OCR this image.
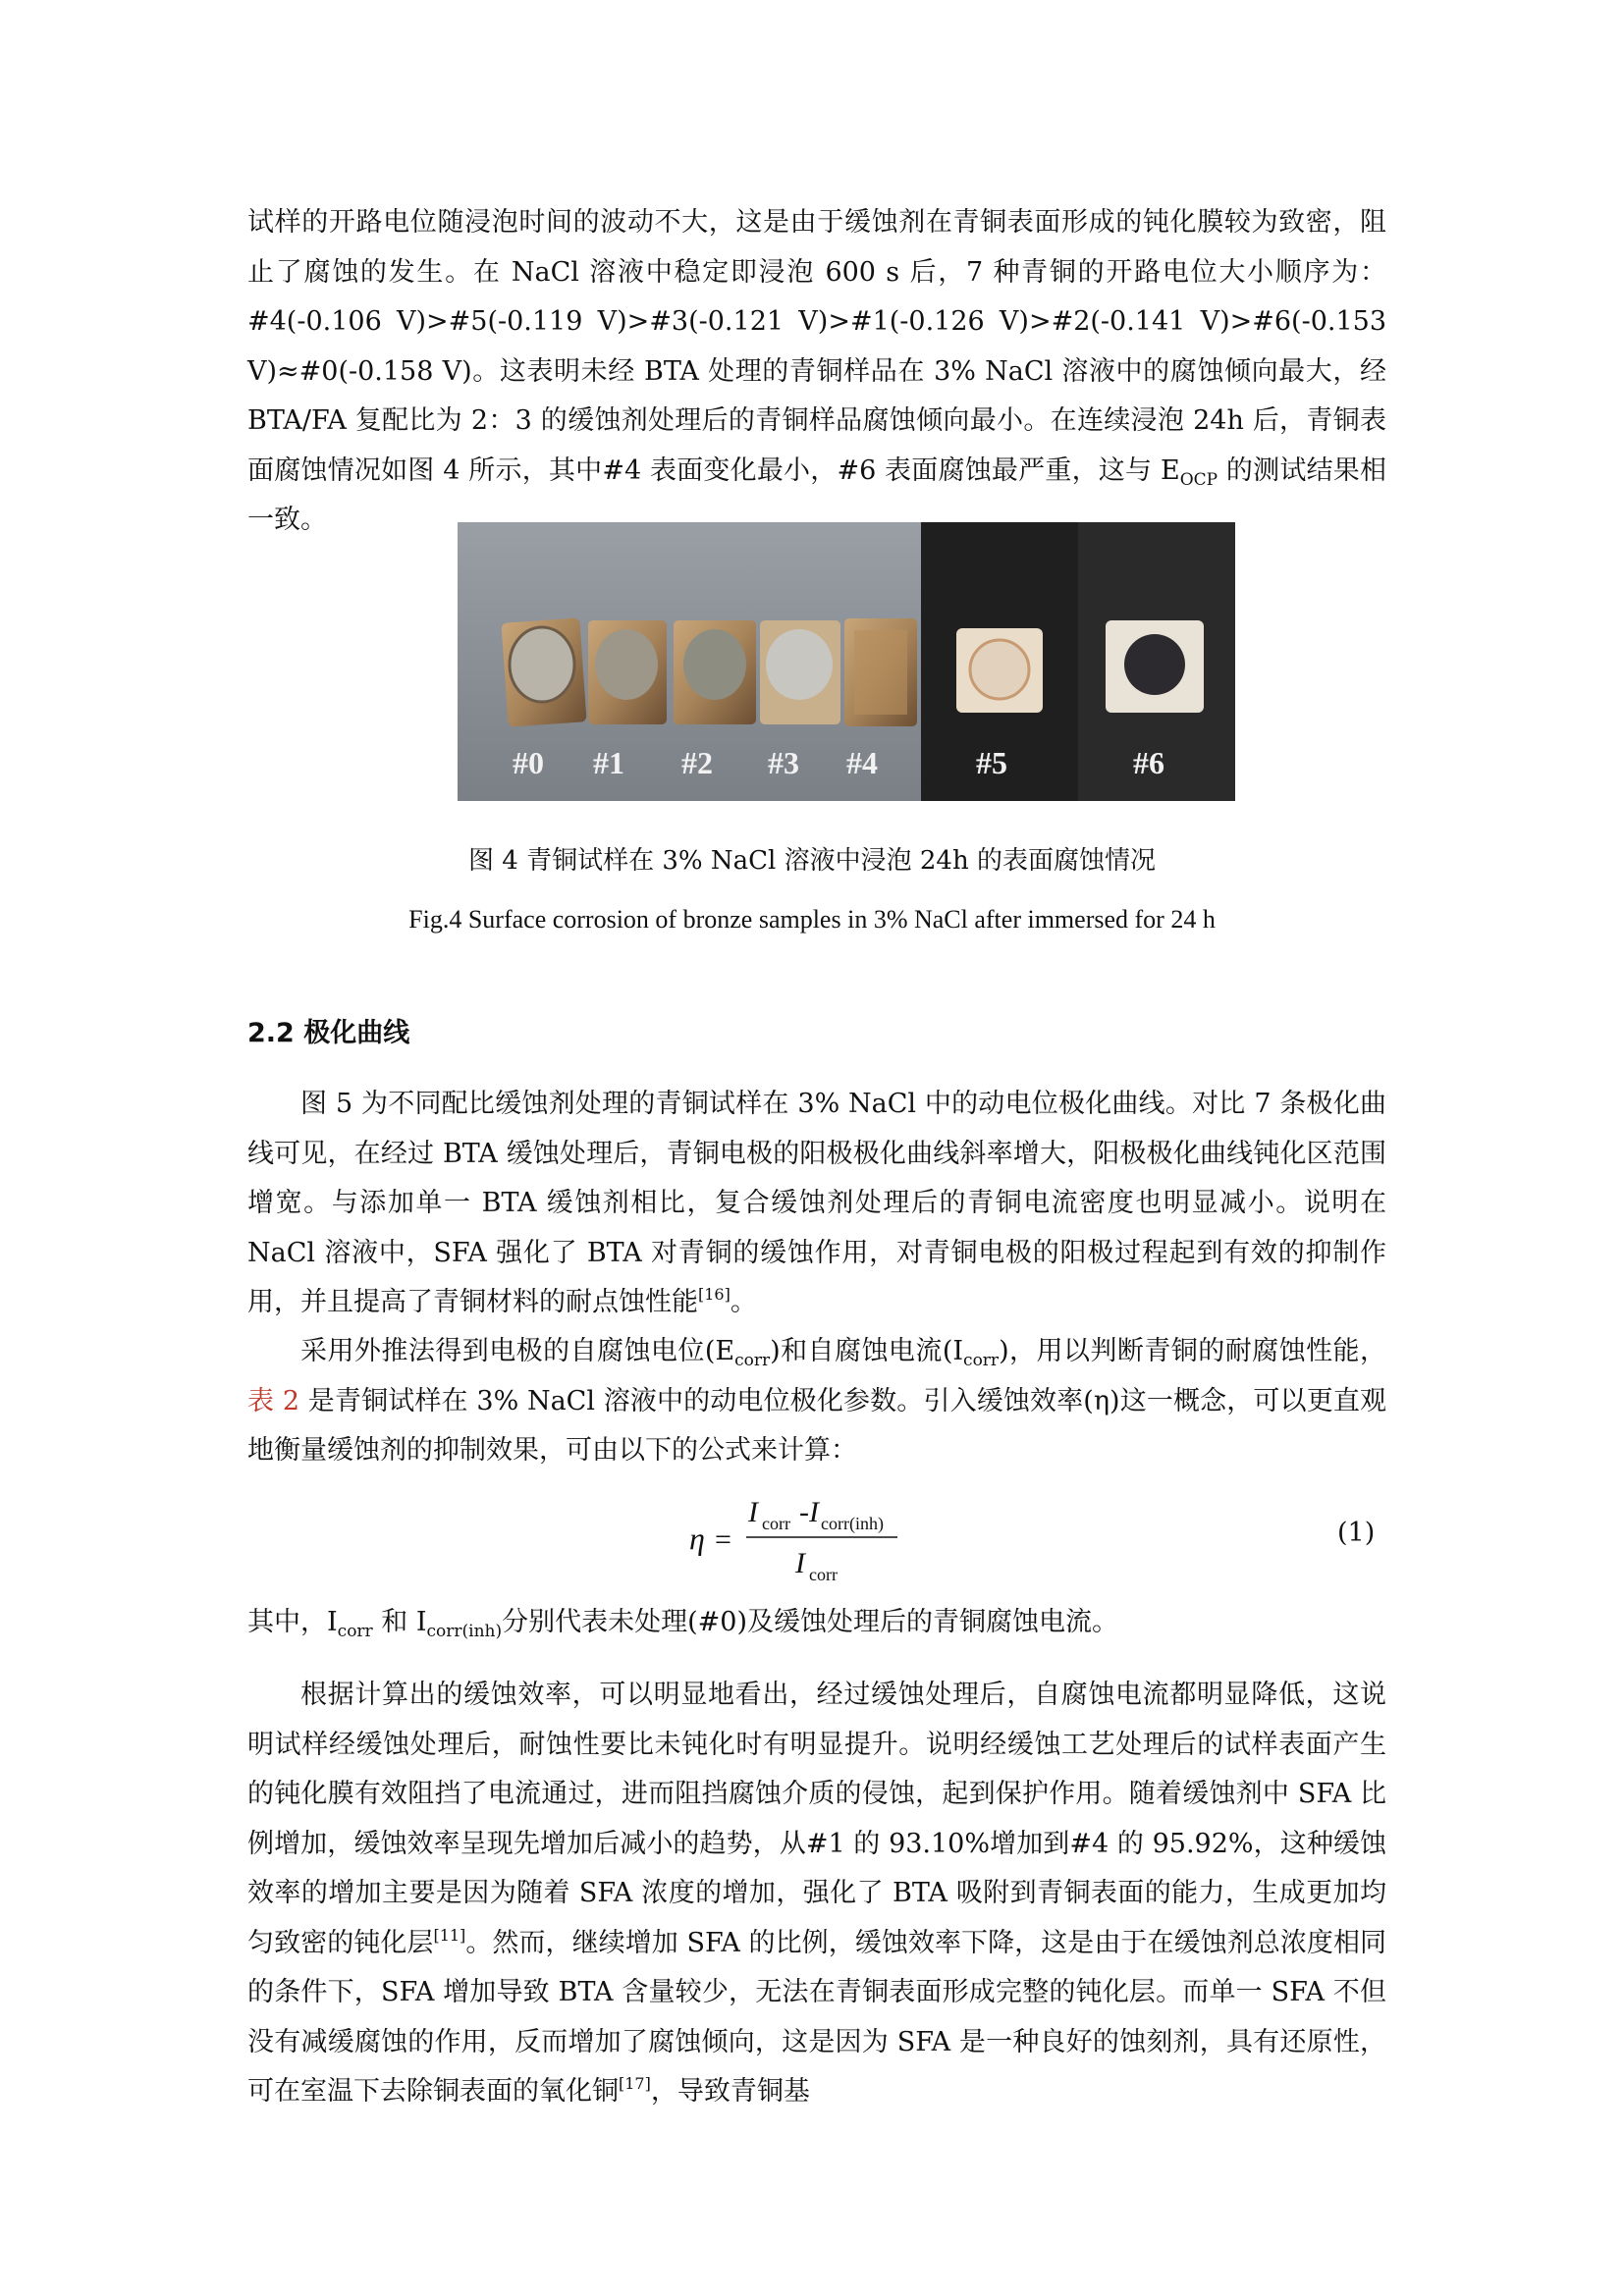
试样的开路电位随浸泡时间的波动不大，这是由于缓蚀剂在青铜表面形成的钝化膜较为致密，阻止了腐蚀的发生。在 NaCl 溶液中稳定即浸泡 600 s 后，7 种青铜的开路电位大小顺序为：#4(-0.106 V)>#5(-0.119 V)>#3(-0.121 V)>#1(-0.126 V)>#2(-0.141 V)>#6(-0.153 V)≈#0(-0.158 V)。这表明未经 BTA 处理的青铜样品在 3% NaCl 溶液中的腐蚀倾向最大，经 BTA/FA 复配比为 2：3 的缓蚀剂处理后的青铜样品腐蚀倾向最小。在连续浸泡 24h 后，青铜表面腐蚀情况如图 4 所示，其中#4 表面变化最小，#6 表面腐蚀最严重，这与 $E_{OCP}$ 的测试结果相一致。

#0 #1 #2 #3 #4	#5	#6

图 4 青铜试样在 3% NaCl 溶液中浸泡 24h 的表面腐蚀情况

Fig.4 Surface corrosion of bronze samples in 3% NaCl after immersed for 24 h

2.2 极化曲线

图 5 为不同配比缓蚀剂处理的青铜试样在 3% NaCl 中的动电位极化曲线。对比 7 条极化曲线可见，在经过 BTA 缓蚀处理后，青铜电极的阳极极化曲线斜率增大，阳极极化曲线钝化区范围增宽。与添加单一 BTA 缓蚀剂相比，复合缓蚀剂处理后的青铜电流密度也明显减小。说明在 NaCl 溶液中，SFA 强化了 BTA 对青铜的缓蚀作用，对青铜电极的阳极过程起到有效的抑制作用，并且提高了青铜材料的耐点蚀性能[16]。

采用外推法得到电极的自腐蚀电位$(E_{corr})$和自腐蚀电流$(I_{corr})$，用以判断青铜的耐腐蚀性能，表 2 是青铜试样在 3% NaCl 溶液中的动电位极化参数。引入缓蚀效率(η)这一概念，可以更直观地衡量缓蚀剂的抑制效果，可由以下的公式来计算：

η =
I corr - I corr(inh)
I corr
(1)

其中，$I_{corr}$ 和 $I_{corr(inh)}$分别代表未处理(#0)及缓蚀处理后的青铜腐蚀电流。

根据计算出的缓蚀效率，可以明显地看出，经过缓蚀处理后，自腐蚀电流都明显降低，这说明试样经缓蚀处理后，耐蚀性要比未钝化时有明显提升。说明经缓蚀工艺处理后的试样表面产生的钝化膜有效阻挡了电流通过，进而阻挡腐蚀介质的侵蚀，起到保护作用。随着缓蚀剂中 SFA 比例增加，缓蚀效率呈现先增加后减小的趋势，从#1 的 93.10%增加到#4 的 95.92%，这种缓蚀效率的增加主要是因为随着 SFA 浓度的增加，强化了 BTA 吸附到青铜表面的能力，生成更加均匀致密的钝化层[11]。然而，继续增加 SFA 的比例，缓蚀效率下降，这是由于在缓蚀剂总浓度相同的条件下，SFA 增加导致 BTA 含量较少，无法在青铜表面形成完整的钝化层。而单一 SFA 不但没有减缓腐蚀的作用，反而增加了腐蚀倾向，这是因为 SFA 是一种良好的蚀刻剂，具有还原性，可在室温下去除铜表面的氧化铜[17]，导致青铜基
